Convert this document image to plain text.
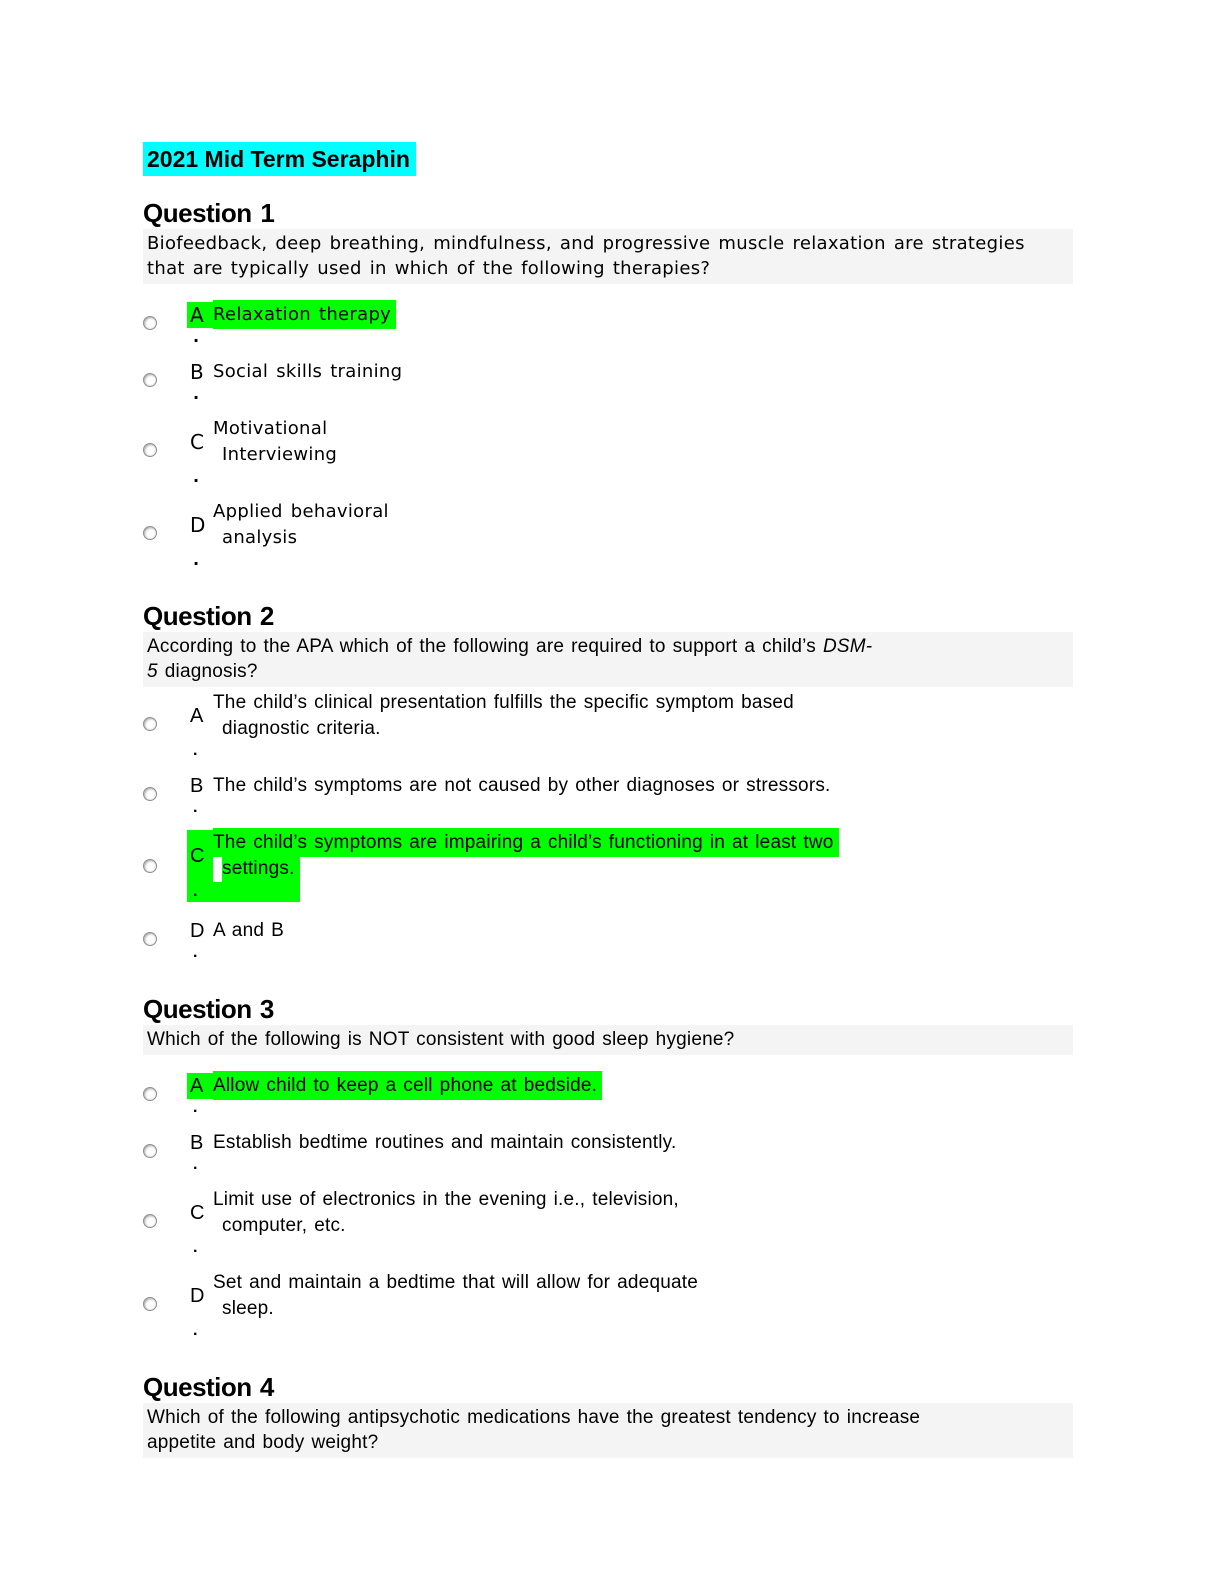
2021 Mid Term Seraphin
Question 1
Biofeedback, deep breathing, mindfulness, and progressive muscle relaxation are strategies
that are typically used in which of the following therapies?
A Relaxation therapy
.
B Social skills training
.
C
Motivational
Interviewing
.
D
Applied behavioral
analysis
.
Question 2
According to the APA which of the following are required to support a child’s DSM-
5 diagnosis?
A
The child’s clinical presentation fulfills the specific symptom based
diagnostic criteria.
.
B The child’s symptoms are not caused by other diagnoses or stressors.
.
C
The child’s symptoms are impairing a child’s functioning in at least two
settings.
.
D A and B
.
Question 3
Which of the following is NOT consistent with good sleep hygiene?
A Allow child to keep a cell phone at bedside.
.
B Establish bedtime routines and maintain consistently.
.
C
Limit use of electronics in the evening i.e., television,
computer, etc.
.
D
Set and maintain a bedtime that will allow for adequate
sleep.
.
Question 4
Which of the following antipsychotic medications have the greatest tendency to increase
appetite and body weight?
